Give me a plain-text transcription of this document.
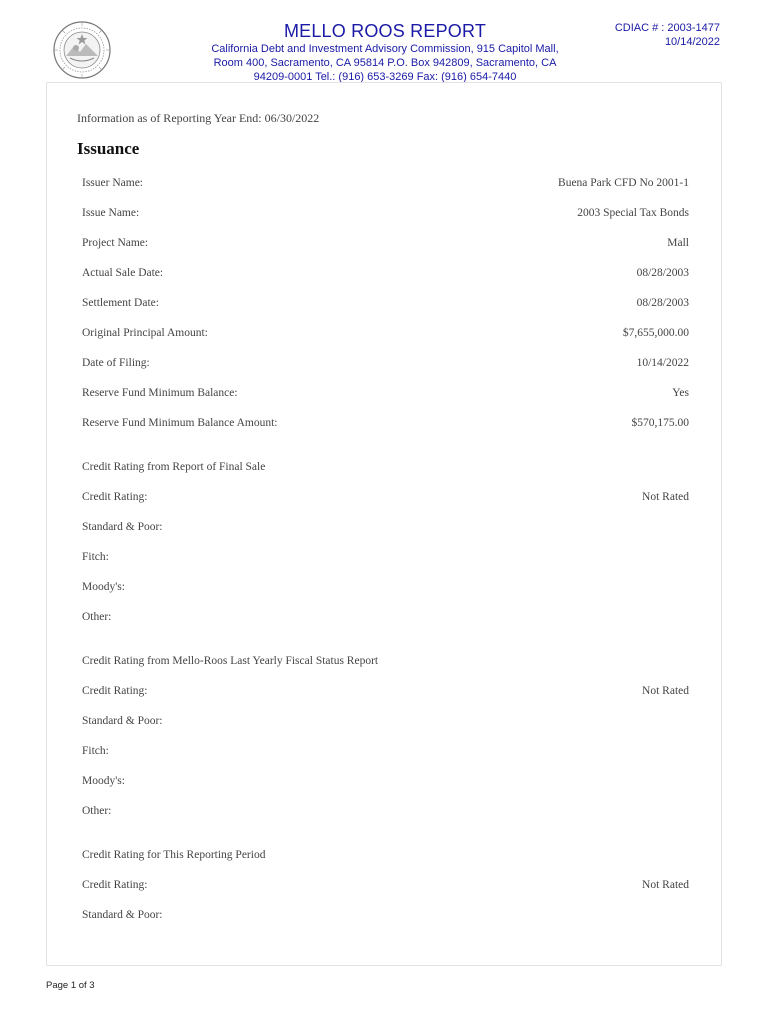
MELLO ROOS REPORT
California Debt and Investment Advisory Commission, 915 Capitol Mall,
Room 400, Sacramento, CA 95814 P.O. Box 942809, Sacramento, CA
94209-0001 Tel.: (916) 653-3269 Fax: (916) 654-7440
CDIAC # : 2003-1477
10/14/2022
Information as of Reporting Year End: 06/30/2022
Issuance
Issuer Name:	Buena Park CFD No 2001-1
Issue Name:	2003 Special Tax Bonds
Project Name:	Mall
Actual Sale Date:	08/28/2003
Settlement Date:	08/28/2003
Original Principal Amount:	$7,655,000.00
Date of Filing:	10/14/2022
Reserve Fund Minimum Balance:	Yes
Reserve Fund Minimum Balance Amount:	$570,175.00
Credit Rating from Report of Final Sale
Credit Rating:	Not Rated
Standard & Poor:
Fitch:
Moody's:
Other:
Credit Rating from Mello-Roos Last Yearly Fiscal Status Report
Credit Rating:	Not Rated
Standard & Poor:
Fitch:
Moody's:
Other:
Credit Rating for This Reporting Period
Credit Rating:	Not Rated
Standard & Poor:
Page 1 of 3
